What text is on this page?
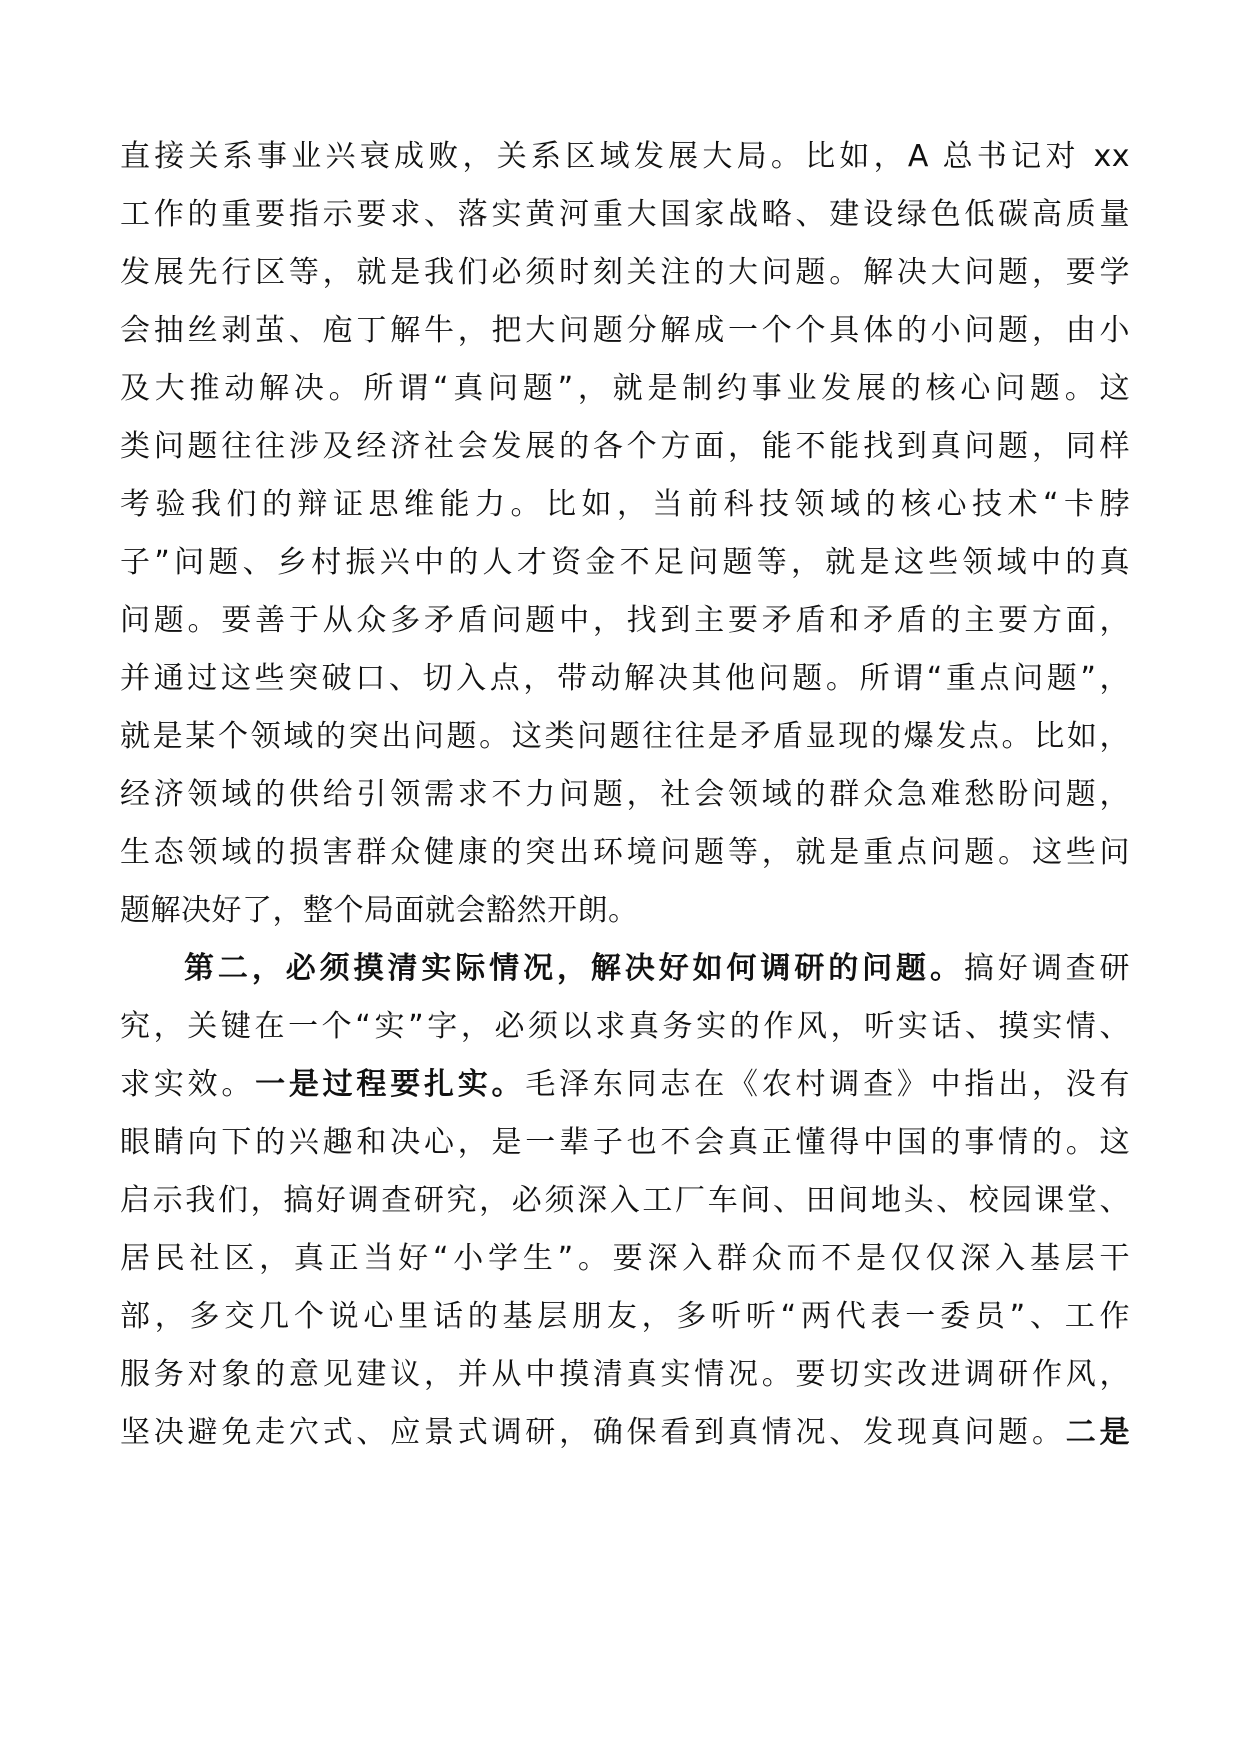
直接关系事业兴衰成败，关系区域发展大局。比如，A 总书记对 xx
工作的重要指示要求、落实黄河重大国家战略、建设绿色低碳高质量
发展先行区等，就是我们必须时刻关注的大问题。解决大问题，要学
会抽丝剥茧、庖丁解牛，把大问题分解成一个个具体的小问题，由小
及大推动解决。所谓“真问题”，就是制约事业发展的核心问题。这
类问题往往涉及经济社会发展的各个方面，能不能找到真问题，同样
考验我们的辩证思维能力。比如，当前科技领域的核心技术“卡脖
子”问题、乡村振兴中的人才资金不足问题等，就是这些领域中的真
问题。要善于从众多矛盾问题中，找到主要矛盾和矛盾的主要方面，
并通过这些突破口、切入点，带动解决其他问题。所谓“重点问题”，
就是某个领域的突出问题。这类问题往往是矛盾显现的爆发点。比如，
经济领域的供给引领需求不力问题，社会领域的群众急难愁盼问题，
生态领域的损害群众健康的突出环境问题等，就是重点问题。这些问
题解决好了，整个局面就会豁然开朗。
第二，必须摸清实际情况，解决好如何调研的问题。搞好调查研
究，关键在一个“实”字，必须以求真务实的作风，听实话、摸实情、
求实效。一是过程要扎实。毛泽东同志在《农村调查》中指出，没有
眼睛向下的兴趣和决心，是一辈子也不会真正懂得中国的事情的。这
启示我们，搞好调查研究，必须深入工厂车间、田间地头、校园课堂、
居民社区，真正当好“小学生”。要深入群众而不是仅仅深入基层干
部，多交几个说心里话的基层朋友，多听听“两代表一委员”、工作
服务对象的意见建议，并从中摸清真实情况。要切实改进调研作风，
坚决避免走穴式、应景式调研，确保看到真情况、发现真问题。二是
